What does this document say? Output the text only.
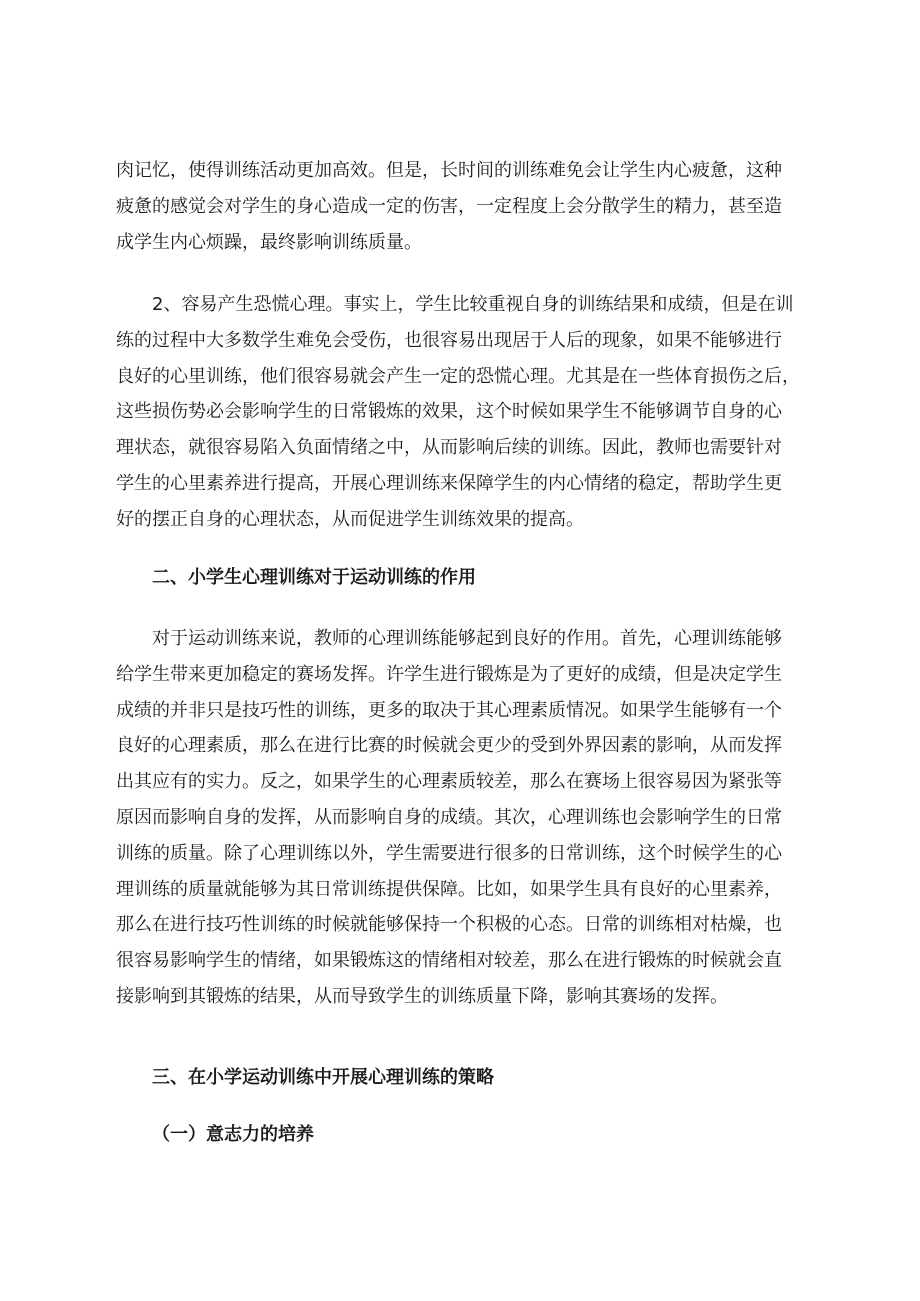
肉记忆，使得训练活动更加高效。但是，长时间的训练难免会让学生内心疲惫，这种
疲惫的感觉会对学生的身心造成一定的伤害，一定程度上会分散学生的精力，甚至造
成学生内心烦躁，最终影响训练质量。

　　2、容易产生恐慌心理。事实上，学生比较重视自身的训练结果和成绩，但是在训
练的过程中大多数学生难免会受伤，也很容易出现居于人后的现象，如果不能够进行
良好的心里训练，他们很容易就会产生一定的恐慌心理。尤其是在一些体育损伤之后，
这些损伤势必会影响学生的日常锻炼的效果，这个时候如果学生不能够调节自身的心
理状态，就很容易陷入负面情绪之中，从而影响后续的训练。因此，教师也需要针对
学生的心里素养进行提高，开展心理训练来保障学生的内心情绪的稳定，帮助学生更
好的摆正自身的心理状态，从而促进学生训练效果的提高。

二、小学生心理训练对于运动训练的作用

　　对于运动训练来说，教师的心理训练能够起到良好的作用。首先，心理训练能够
给学生带来更加稳定的赛场发挥。许学生进行锻炼是为了更好的成绩，但是决定学生
成绩的并非只是技巧性的训练，更多的取决于其心理素质情况。如果学生能够有一个
良好的心理素质，那么在进行比赛的时候就会更少的受到外界因素的影响，从而发挥
出其应有的实力。反之，如果学生的心理素质较差，那么在赛场上很容易因为紧张等
原因而影响自身的发挥，从而影响自身的成绩。其次，心理训练也会影响学生的日常
训练的质量。除了心理训练以外，学生需要进行很多的日常训练，这个时候学生的心
理训练的质量就能够为其日常训练提供保障。比如，如果学生具有良好的心里素养，
那么在进行技巧性训练的时候就能够保持一个积极的心态。日常的训练相对枯燥，也
很容易影响学生的情绪，如果锻炼这的情绪相对较差，那么在进行锻炼的时候就会直
接影响到其锻炼的结果，从而导致学生的训练质量下降，影响其赛场的发挥。

三、在小学运动训练中开展心理训练的策略
（一）意志力的培养
